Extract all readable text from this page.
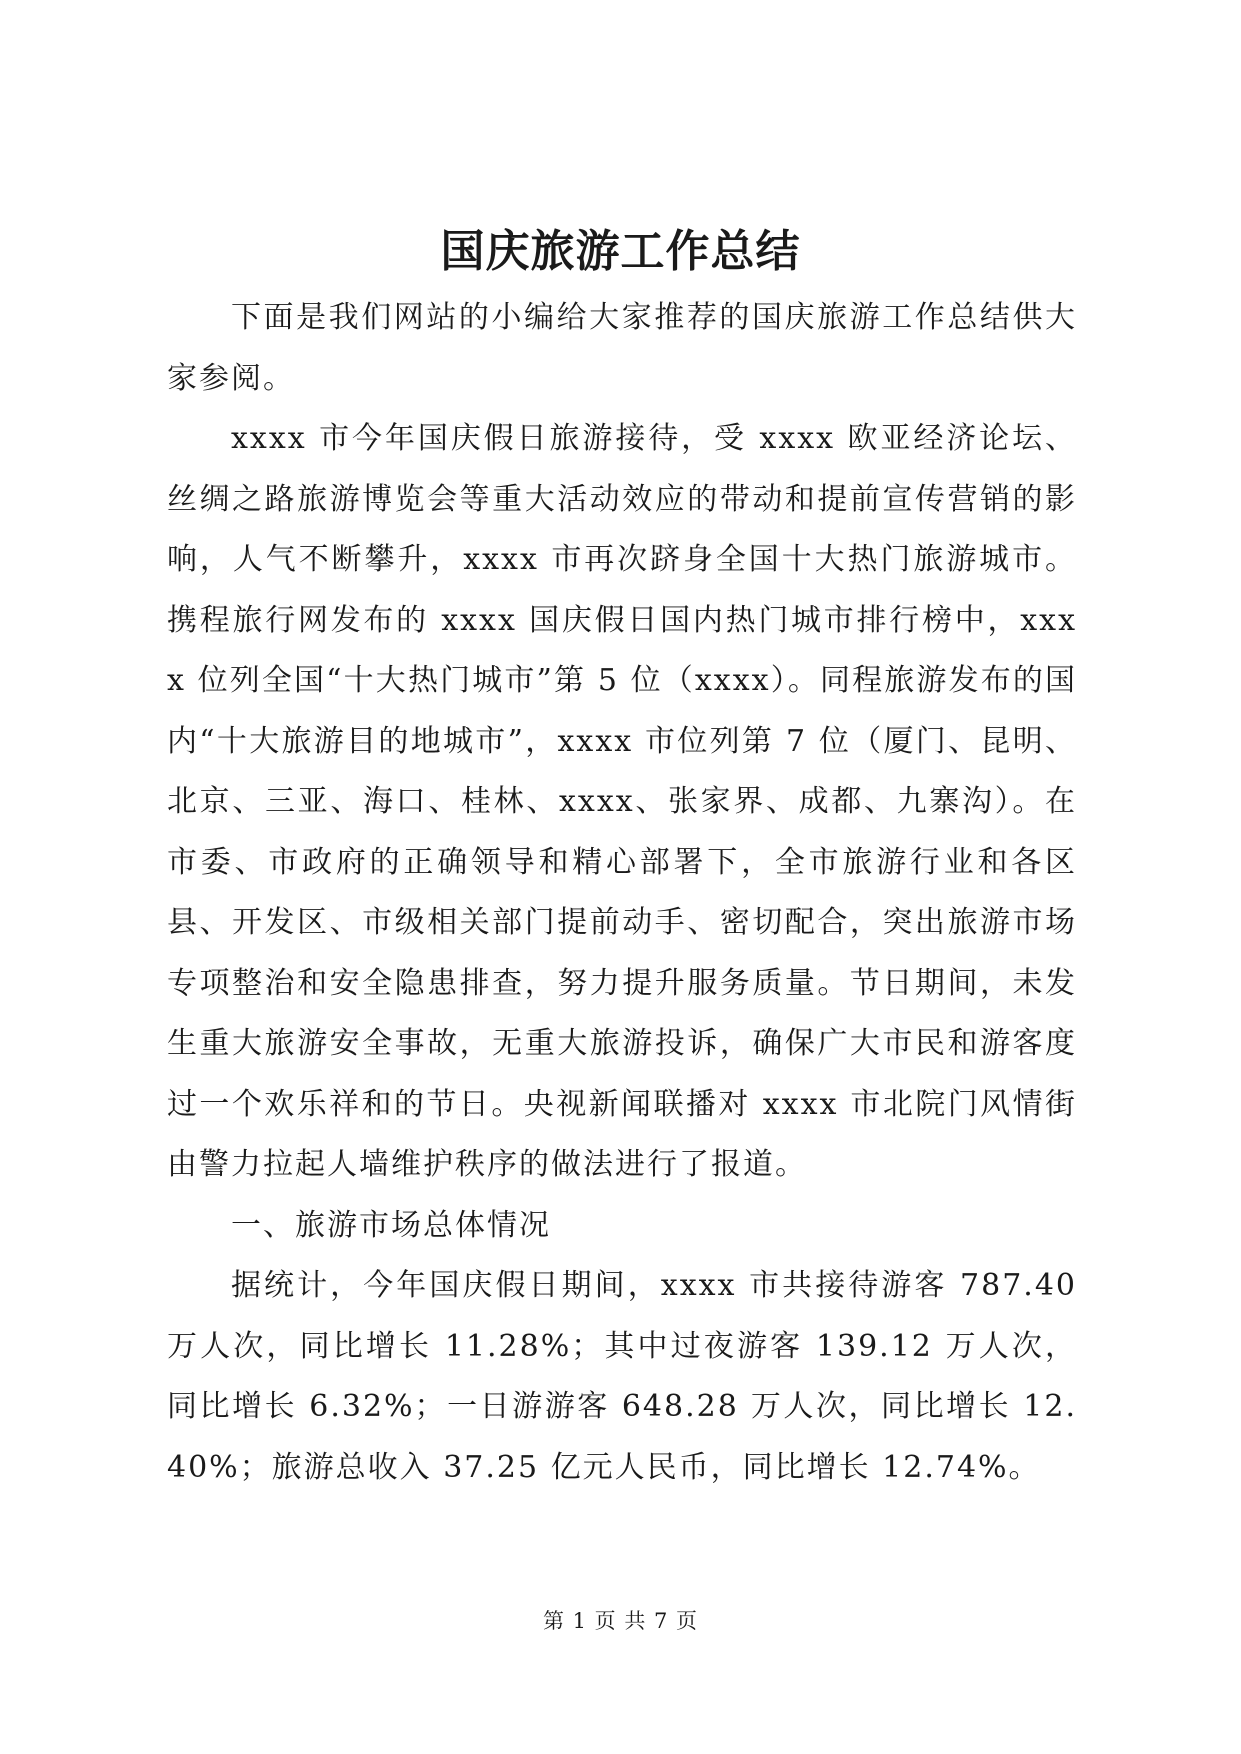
国庆旅游工作总结

下面是我们网站的小编给大家推荐的国庆旅游工作总结供大家参阅。

xxxx 市今年国庆假日旅游接待，受 xxxx 欧亚经济论坛、丝绸之路旅游博览会等重大活动效应的带动和提前宣传营销的影响，人气不断攀升，xxxx 市再次跻身全国十大热门旅游城市。携程旅行网发布的 xxxx 国庆假日国内热门城市排行榜中，xxxx 位列全国“十大热门城市”第 5 位（xxxx）。同程旅游发布的国内“十大旅游目的地城市”，xxxx 市位列第 7 位（厦门、昆明、北京、三亚、海口、桂林、xxxx、张家界、成都、九寨沟）。在市委、市政府的正确领导和精心部署下，全市旅游行业和各区县、开发区、市级相关部门提前动手、密切配合，突出旅游市场专项整治和安全隐患排查，努力提升服务质量。节日期间，未发生重大旅游安全事故，无重大旅游投诉，确保广大市民和游客度过一个欢乐祥和的节日。央视新闻联播对 xxxx 市北院门风情街由警力拉起人墙维护秩序的做法进行了报道。

一、旅游市场总体情况

据统计，今年国庆假日期间，xxxx 市共接待游客 787.40 万人次，同比增长 11.28%；其中过夜游客 139.12 万人次，同比增长 6.32%；一日游游客 648.28 万人次，同比增长 12.40%；旅游总收入 37.25 亿元人民币，同比增长 12.74%。

第 1 页 共 7 页
